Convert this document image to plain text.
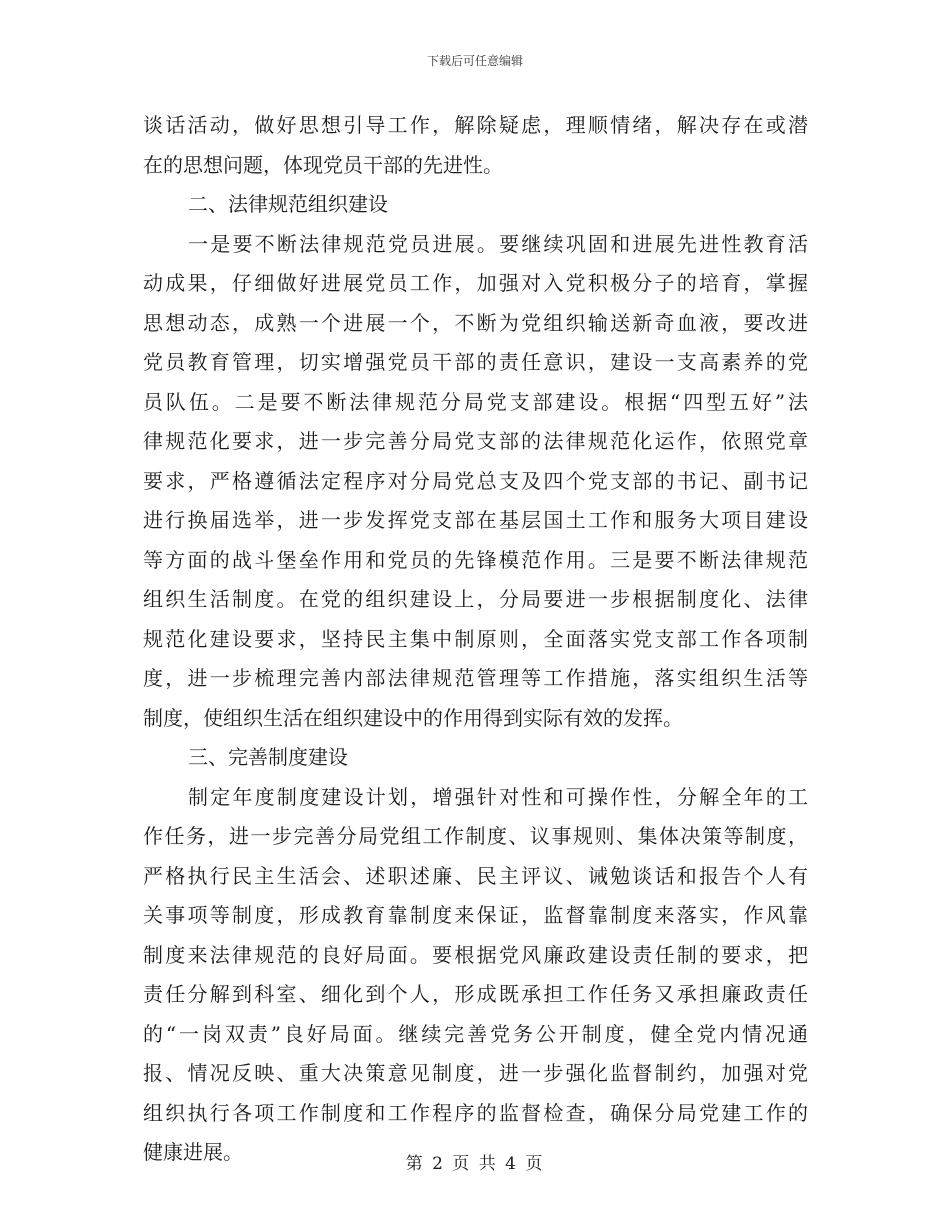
下载后可任意编辑
谈话活动，做好思想引导工作，解除疑虑，理顺情绪，解决存在或潜
在的思想问题，体现党员干部的先进性。
二、法律规范组织建设
一是要不断法律规范党员进展。要继续巩固和进展先进性教育活
动成果，仔细做好进展党员工作，加强对入党积极分子的培育，掌握
思想动态，成熟一个进展一个，不断为党组织输送新奇血液，要改进
党员教育管理，切实增强党员干部的责任意识，建设一支高素养的党
员队伍。二是要不断法律规范分局党支部建设。根据“四型五好”法
律规范化要求，进一步完善分局党支部的法律规范化运作，依照党章
要求，严格遵循法定程序对分局党总支及四个党支部的书记、副书记
进行换届选举，进一步发挥党支部在基层国土工作和服务大项目建设
等方面的战斗堡垒作用和党员的先锋模范作用。三是要不断法律规范
组织生活制度。在党的组织建设上，分局要进一步根据制度化、法律
规范化建设要求，坚持民主集中制原则，全面落实党支部工作各项制
度，进一步梳理完善内部法律规范管理等工作措施，落实组织生活等
制度，使组织生活在组织建设中的作用得到实际有效的发挥。
三、完善制度建设
制定年度制度建设计划，增强针对性和可操作性，分解全年的工
作任务，进一步完善分局党组工作制度、议事规则、集体决策等制度，
严格执行民主生活会、述职述廉、民主评议、诫勉谈话和报告个人有
关事项等制度，形成教育靠制度来保证，监督靠制度来落实，作风靠
制度来法律规范的良好局面。要根据党风廉政建设责任制的要求，把
责任分解到科室、细化到个人，形成既承担工作任务又承担廉政责任
的“一岗双责”良好局面。继续完善党务公开制度，健全党内情况通
报、情况反映、重大决策意见制度，进一步强化监督制约，加强对党
组织执行各项工作制度和工作程序的监督检查，确保分局党建工作的
健康进展。	第 2 页 共 4 页
